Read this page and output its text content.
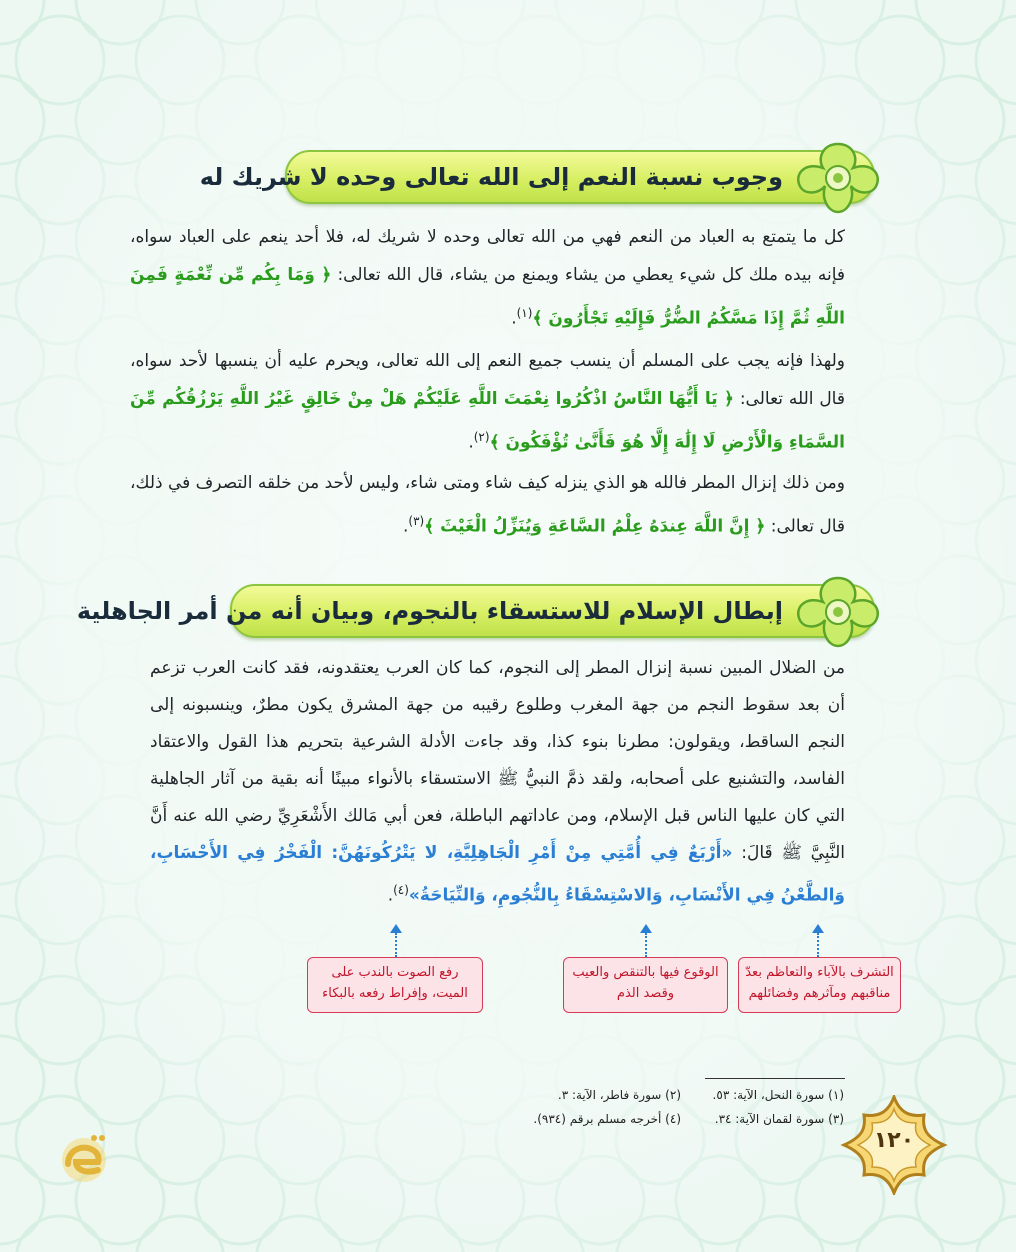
وجوب نسبة النعم إلى الله تعالى وحده لا شريك له

كل ما يتمتع به العباد من النعم فهي من الله تعالى وحده لا شريك له، فلا أحد ينعم على العباد سواه، فإنه بيده ملك كل شيء يعطي من يشاء ويمنع من يشاء، قال الله تعالى: ﴿ وَمَا بِكُم مِّن نِّعْمَةٍ فَمِنَ اللَّهِ ثُمَّ إِذَا مَسَّكُمُ الضُّرُّ فَإِلَيْهِ تَجْأَرُونَ ﴾$^{(١)}$.

ولهذا فإنه يجب على المسلم أن ينسب جميع النعم إلى الله تعالى، ويحرم عليه أن ينسبها لأحد سواه، قال الله تعالى: ﴿ يَا أَيُّهَا النَّاسُ اذْكُرُوا نِعْمَتَ اللَّهِ عَلَيْكُمْ هَلْ مِنْ خَالِقٍ غَيْرُ اللَّهِ يَرْزُقُكُم مِّنَ السَّمَاءِ وَالْأَرْضِ لَا إِلَٰهَ إِلَّا هُوَ فَأَنَّىٰ تُؤْفَكُونَ ﴾$^{(٢)}$.

ومن ذلك إنزال المطر فالله هو الذي ينزله كيف شاء ومتى شاء، وليس لأحد من خلقه التصرف في ذلك، قال تعالى: ﴿ إِنَّ اللَّهَ عِندَهُ عِلْمُ السَّاعَةِ وَيُنَزِّلُ الْغَيْثَ ﴾$^{(٣)}$.

إبطال الإسلام للاستسقاء بالنجوم، وبيان أنه من أمر الجاهلية

من الضلال المبين نسبة إنزال المطر إلى النجوم، كما كان العرب يعتقدونه، فقد كانت العرب تزعم أن بعد سقوط النجم من جهة المغرب وطلوع رقيبه من جهة المشرق يكون مطرٌ، وينسبونه إلى النجم الساقط، ويقولون: مطرنا بنوء كذا، وقد جاءت الأدلة الشرعية بتحريم هذا القول والاعتقاد الفاسد، والتشنيع على أصحابه، ولقد ذمَّ النبيُّ ﷺ الاستسقاء بالأنواء مبينًا أنه بقية من آثار الجاهلية التي كان عليها الناس قبل الإسلام، ومن عاداتهم الباطلة، فعن أبي مَالك الأَشْعَرِيِّ رضي الله عنه أَنَّ النَّبِيَّ ﷺ قَالَ: «أَرْبَعٌ فِي أُمَّتِي مِنْ أَمْرِ الْجَاهِلِيَّةِ، لا يَتْرُكُونَهُنَّ: الْفَخْرُ فِي الأَحْسَابِ، وَالطَّعْنُ فِي الأَنْسَابِ، وَالاسْتِسْقَاءُ بِالنُّجُومِ، وَالنِّيَاحَةُ»$^{(٤)}$.

التشرف بالآباء والتعاظم بعدّ مناقبهم ومآثرهم وفضائلهم
الوقوع فيها بالتنقص والعيب وقصد الذم
رفع الصوت بالندب على الميت، وإفراط رفعه بالبكاء
(١) سورة النحل، الآية: ٥٣.
(٢) سورة فاطر، الآية: ٣.
(٣) سورة لقمان الآية: ٣٤.
(٤) أخرجه مسلم برقم (٩٣٤).
١٢٠
